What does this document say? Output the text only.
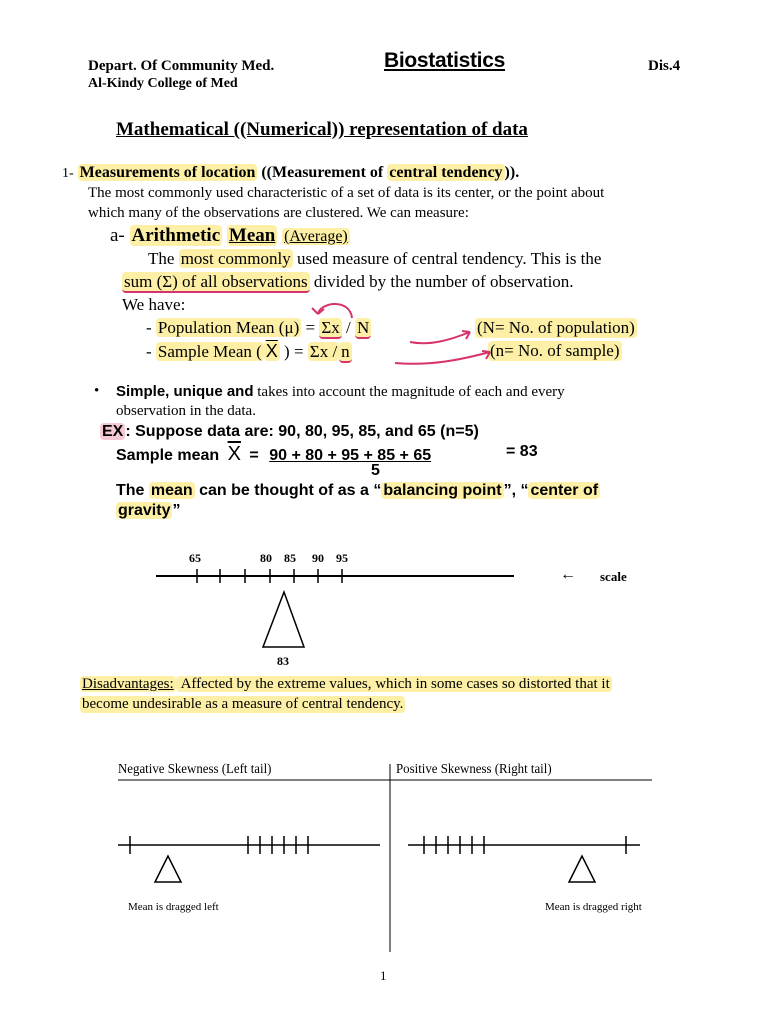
Depart. Of Community Med.
Al-Kindy College of Med
Biostatistics	Dis.4
Mathematical ((Numerical)) representation of data
1- Measurements of location ((Measurement of central tendency )).
The most commonly used characteristic of a set of data is its center, or the point about
which many of the observations are clustered. We can measure:
a- Arithmetic Mean (Average)
The most commonly used measure of central tendency. This is the
sum (Σ) of all observations divided by the number of observation.
We have:
- Population Mean (μ) = Σx / N	(N= No. of population)
- Sample Mean ( $\overline{X}$ ) = Σx / n	(n= No. of sample)
• Simple, unique and takes into account the magnitude of each and every
observation in the data.
EX : Suppose data are: 90, 80, 95, 85, and 65 (n=5)
Sample mean $\overline{X} = 90 + 80 + 95 + 85 + 65$	= 83
5
The mean can be thought of as a “ balancing point ”, “ center of
gravity ”
65	80 85 90 95
83
← scale
Disadvantages: Affected by the extreme values, which in some cases so distorted that it
become undesirable as a measure of central tendency.
Negative Skewness (Left tail)	Positive Skewness (Right tail)
Mean is dragged left	Mean is dragged right
1
